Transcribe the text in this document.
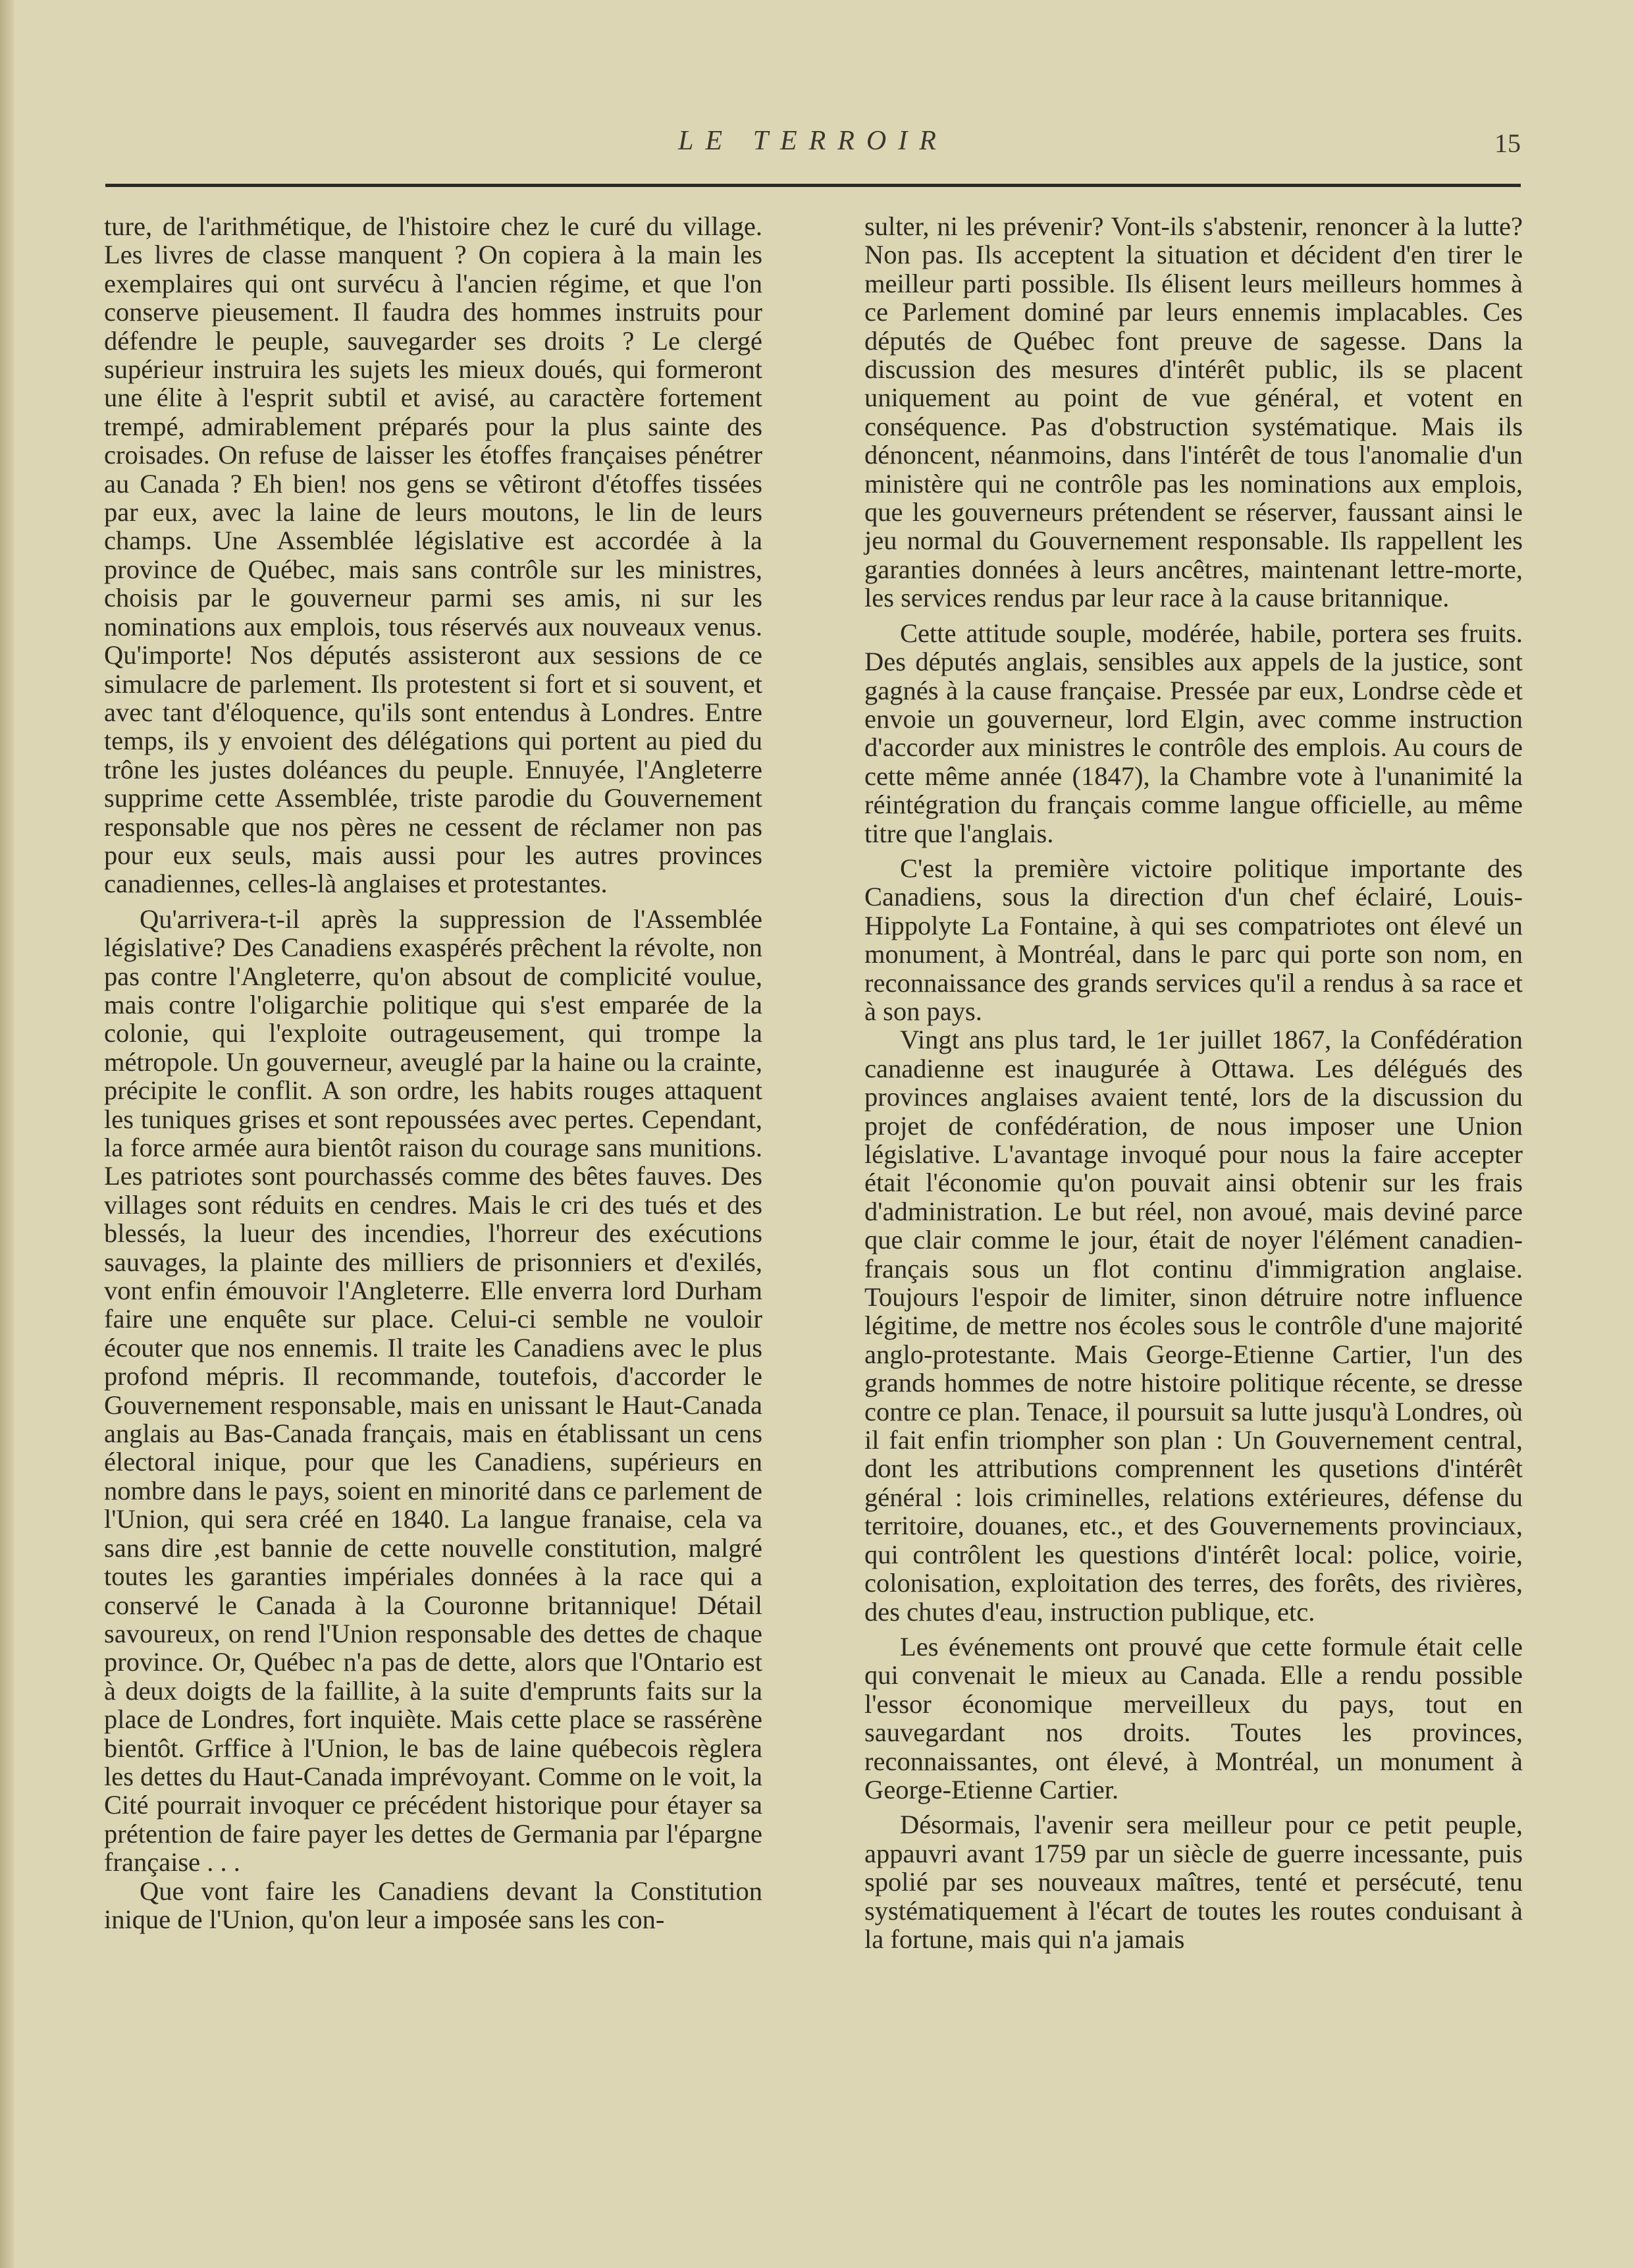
LE TERROIR	15

ture, de l'arithmétique, de l'histoire chez le curé du village. Les livres de classe manquent ? On copiera à la main les exemplaires qui ont survécu à l'ancien régime, et que l'on conserve pieusement. Il faudra des hommes instruits pour défendre le peuple, sauvegarder ses droits ? Le clergé supérieur instruira les sujets les mieux doués, qui formeront une élite à l'esprit subtil et avisé, au caractère fortement trempé, admirablement préparés pour la plus sainte des croisades. On refuse de laisser les étoffes françaises pénétrer au Canada ? Eh bien! nos gens se vêtiront d'étoffes tissées par eux, avec la laine de leurs moutons, le lin de leurs champs. Une Assemblée législative est accordée à la province de Québec, mais sans contrôle sur les ministres, choisis par le gouverneur parmi ses amis, ni sur les nominations aux emplois, tous réservés aux nouveaux venus. Qu'importe! Nos députés assisteront aux sessions de ce simulacre de parlement. Ils protestent si fort et si souvent, et avec tant d'éloquence, qu'ils sont entendus à Londres. Entre temps, ils y envoient des délégations qui portent au pied du trône les justes doléances du peuple. Ennuyée, l'Angleterre supprime cette Assemblée, triste parodie du Gouvernement responsable que nos pères ne cessent de réclamer non pas pour eux seuls, mais aussi pour les autres provinces canadiennes, celles-là anglaises et protestantes.

Qu'arrivera-t-il après la suppression de l'Assemblée législative? Des Canadiens exaspérés prêchent la révolte, non pas contre l'Angleterre, qu'on absout de complicité voulue, mais contre l'oligarchie politique qui s'est emparée de la colonie, qui l'exploite outrageusement, qui trompe la métropole. Un gouverneur, aveuglé par la haine ou la crainte, précipite le conflit. A son ordre, les habits rouges attaquent les tuniques grises et sont repoussées avec pertes. Cependant, la force armée aura bientôt raison du courage sans munitions. Les patriotes sont pourchassés comme des bêtes fauves. Des villages sont réduits en cendres. Mais le cri des tués et des blessés, la lueur des incendies, l'horreur des exécutions sauvages, la plainte des milliers de prisonniers et d'exilés, vont enfin émouvoir l'Angleterre. Elle enverra lord Durham faire une enquête sur place. Celui-ci semble ne vouloir écouter que nos ennemis. Il traite les Canadiens avec le plus profond mépris. Il recommande, toutefois, d'accorder le Gouvernement responsable, mais en unissant le Haut-Canada anglais au Bas-Canada français, mais en établissant un cens électoral inique, pour que les Canadiens, supérieurs en nombre dans le pays, soient en minorité dans ce parlement de l'Union, qui sera créé en 1840. La langue franaise, cela va sans dire ,est bannie de cette nouvelle constitution, malgré toutes les garanties impériales données à la race qui a conservé le Canada à la Couronne britannique! Détail savoureux, on rend l'Union responsable des dettes de chaque province. Or, Québec n'a pas de dette, alors que l'Ontario est à deux doigts de la faillite, à la suite d'emprunts faits sur la place de Londres, fort inquiète. Mais cette place se rassérène bientôt. Grffice à l'Union, le bas de laine québecois règlera les dettes du Haut-Canada imprévoyant. Comme on le voit, la Cité pourrait invoquer ce précédent historique pour étayer sa prétention de faire payer les dettes de Germania par l'épargne française . . .

Que vont faire les Canadiens devant la Constitution inique de l'Union, qu'on leur a imposée sans les con-

sulter, ni les prévenir? Vont-ils s'abstenir, renoncer à la lutte? Non pas. Ils acceptent la situation et décident d'en tirer le meilleur parti possible. Ils élisent leurs meilleurs hommes à ce Parlement dominé par leurs ennemis implacables. Ces députés de Québec font preuve de sagesse. Dans la discussion des mesures d'intérêt public, ils se placent uniquement au point de vue général, et votent en conséquence. Pas d'obstruction systématique. Mais ils dénoncent, néanmoins, dans l'intérêt de tous l'anomalie d'un ministère qui ne contrôle pas les nominations aux emplois, que les gouverneurs prétendent se réserver, faussant ainsi le jeu normal du Gouvernement responsable. Ils rappellent les garanties données à leurs ancêtres, maintenant lettre-morte, les services rendus par leur race à la cause britannique.

Cette attitude souple, modérée, habile, portera ses fruits. Des députés anglais, sensibles aux appels de la justice, sont gagnés à la cause française. Pressée par eux, Londrse cède et envoie un gouverneur, lord Elgin, avec comme instruction d'accorder aux ministres le contrôle des emplois. Au cours de cette même année (1847), la Chambre vote à l'unanimité la réintégration du français comme langue officielle, au même titre que l'anglais.

C'est la première victoire politique importante des Canadiens, sous la direction d'un chef éclairé, Louis-Hippolyte La Fontaine, à qui ses compatriotes ont élevé un monument, à Montréal, dans le parc qui porte son nom, en reconnaissance des grands services qu'il a rendus à sa race et à son pays.

Vingt ans plus tard, le 1er juillet 1867, la Confédération canadienne est inaugurée à Ottawa. Les délégués des provinces anglaises avaient tenté, lors de la discussion du projet de confédération, de nous imposer une Union législative. L'avantage invoqué pour nous la faire accepter était l'économie qu'on pouvait ainsi obtenir sur les frais d'administration. Le but réel, non avoué, mais deviné parce que clair comme le jour, était de noyer l'élément canadien-français sous un flot continu d'immigration anglaise. Toujours l'espoir de limiter, sinon détruire notre influence légitime, de mettre nos écoles sous le contrôle d'une majorité anglo-protestante. Mais George-Etienne Cartier, l'un des grands hommes de notre histoire politique récente, se dresse contre ce plan. Tenace, il poursuit sa lutte jusqu'à Londres, où il fait enfin triompher son plan : Un Gouvernement central, dont les attributions comprennent les qusetions d'intérêt général : lois criminelles, relations extérieures, défense du territoire, douanes, etc., et des Gouvernements provinciaux, qui contrôlent les questions d'intérêt local: police, voirie, colonisation, exploitation des terres, des forêts, des rivières, des chutes d'eau, instruction publique, etc.

Les événements ont prouvé que cette formule était celle qui convenait le mieux au Canada. Elle a rendu possible l'essor économique merveilleux du pays, tout en sauvegardant nos droits. Toutes les provinces, reconnaissantes, ont élevé, à Montréal, un monument à George-Etienne Cartier.

Désormais, l'avenir sera meilleur pour ce petit peuple, appauvri avant 1759 par un siècle de guerre incessante, puis spolié par ses nouveaux maîtres, tenté et persécuté, tenu systématiquement à l'écart de toutes les routes conduisant à la fortune, mais qui n'a jamais
